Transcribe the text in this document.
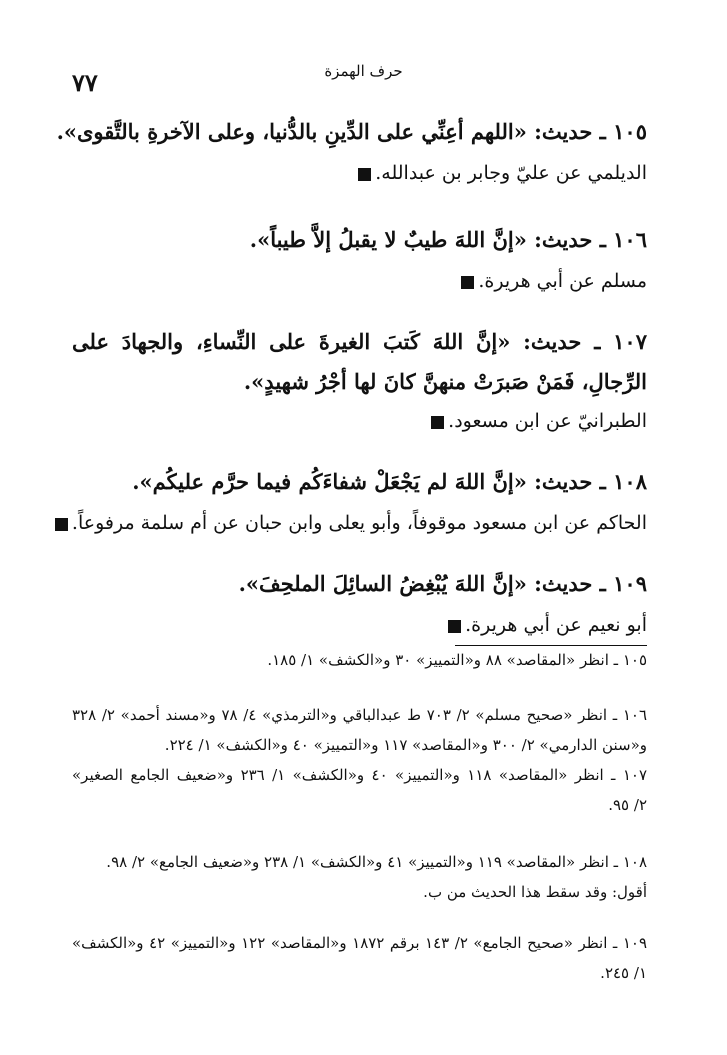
٧٧	حرف الهمزة
١٠٥ ـ حديث: «اللهم أعِنِّي على الدِّينِ بالدُّنيا، وعلى الآخرةِ بالتَّقوى».
الديلمي عن عليّ وجابر بن عبدالله.
١٠٦ ـ حديث: «إنَّ اللهَ طيبٌ لا يقبلُ إلاَّ طيباً».
مسلم عن أبي هريرة.
١٠٧ ـ حديث: «إنَّ اللهَ كَتبَ الغيرةَ على النِّساءِ، والجهادَ على الرِّجالِ، فَمَنْ صَبرَتْ منهنَّ كانَ لها أجْرُ شهيدٍ».
الطبرانيّ عن ابن مسعود.
١٠٨ ـ حديث: «إنَّ اللهَ لم يَجْعَلْ شفاءَكُم فيما حرَّم عليكُم».
الحاكم عن ابن مسعود موقوفاً، وأبو يعلى وابن حبان عن أم سلمة مرفوعاً.
١٠٩ ـ حديث: «إنَّ اللهَ يُبْغِضُ السائِلَ الملحِفَ».
أبو نعيم عن أبي هريرة.
١٠٥ ـ انظر «المقاصد» ٨٨ و«التمييز» ٣٠ و«الكشف» ١/ ١٨٥.
١٠٦ ـ انظر «صحيح مسلم» ٢/ ٧٠٣ ط عبدالباقي و«الترمذي» ٤/ ٧٨ و«مسند أحمد» ٢/ ٣٢٨
و«سنن الدارمي» ٢/ ٣٠٠ و«المقاصد» ١١٧ و«التمييز» ٤٠ و«الكشف» ١/ ٢٢٤.
١٠٧ ـ انظر «المقاصد» ١١٨ و«التمييز» ٤٠ و«الكشف» ١/ ٢٣٦ و«ضعيف الجامع الصغير»
٢/ ٩٥.
١٠٨ ـ انظر «المقاصد» ١١٩ و«التمييز» ٤١ و«الكشف» ١/ ٢٣٨ و«ضعيف الجامع» ٢/ ٩٨.
أقول: وقد سقط هذا الحديث من ب.
١٠٩ ـ انظر «صحيح الجامع» ٢/ ١٤٣ برقم ١٨٧٢ و«المقاصد» ١٢٢ و«التمييز» ٤٢ و«الكشف»
١/ ٢٤٥.
